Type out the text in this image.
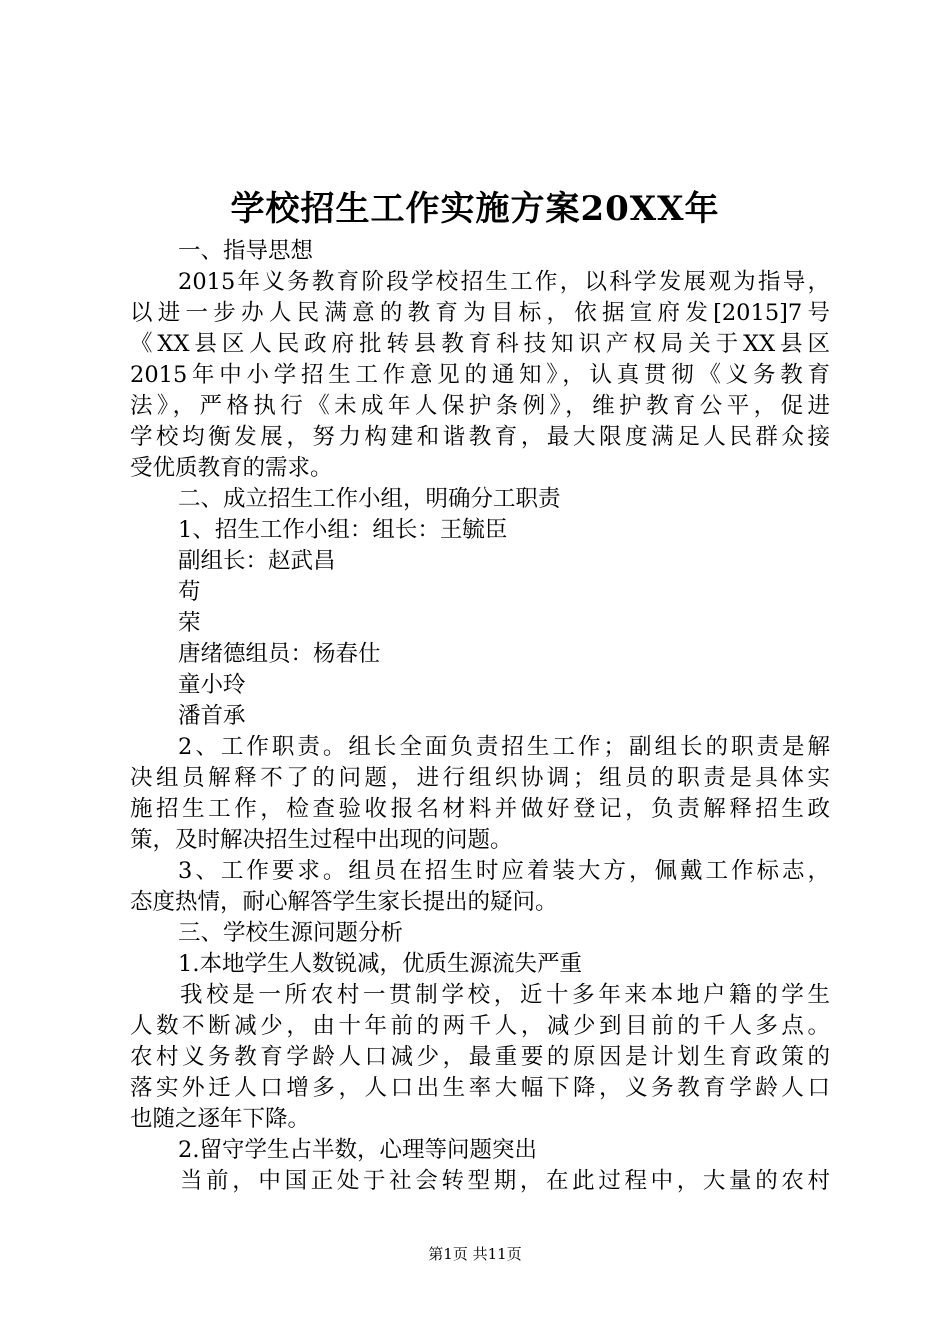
学校招生工作实施方案20XX年
一、指导思想
2015年义务教育阶段学校招生工作，以科学发展观为指导，
以进一步办人民满意的教育为目标，依据宣府发[2015]7号
《XX县区人民政府批转县教育科技知识产权局关于XX县区
2015年中小学招生工作意见的通知》，认真贯彻《义务教育
法》，严格执行《未成年人保护条例》，维护教育公平，促进
学校均衡发展，努力构建和谐教育，最大限度满足人民群众接
受优质教育的需求。
二、成立招生工作小组，明确分工职责
1、招生工作小组：组长：王毓臣
副组长：赵武昌
苟
荣
唐绪德组员：杨春仕
童小玲
潘首承
2、工作职责。组长全面负责招生工作；副组长的职责是解
决组员解释不了的问题，进行组织协调；组员的职责是具体实
施招生工作，检查验收报名材料并做好登记，负责解释招生政
策，及时解决招生过程中出现的问题。
3、工作要求。组员在招生时应着装大方，佩戴工作标志，
态度热情，耐心解答学生家长提出的疑问。
三、学校生源问题分析
1.本地学生人数锐减，优质生源流失严重
我校是一所农村一贯制学校，近十多年来本地户籍的学生
人数不断减少，由十年前的两千人，减少到目前的千人多点。
农村义务教育学龄人口减少，最重要的原因是计划生育政策的
落实外迁人口增多，人口出生率大幅下降，义务教育学龄人口
也随之逐年下降。
2.留守学生占半数，心理等问题突出
当前，中国正处于社会转型期，在此过程中，大量的农村
第1页 共11页
